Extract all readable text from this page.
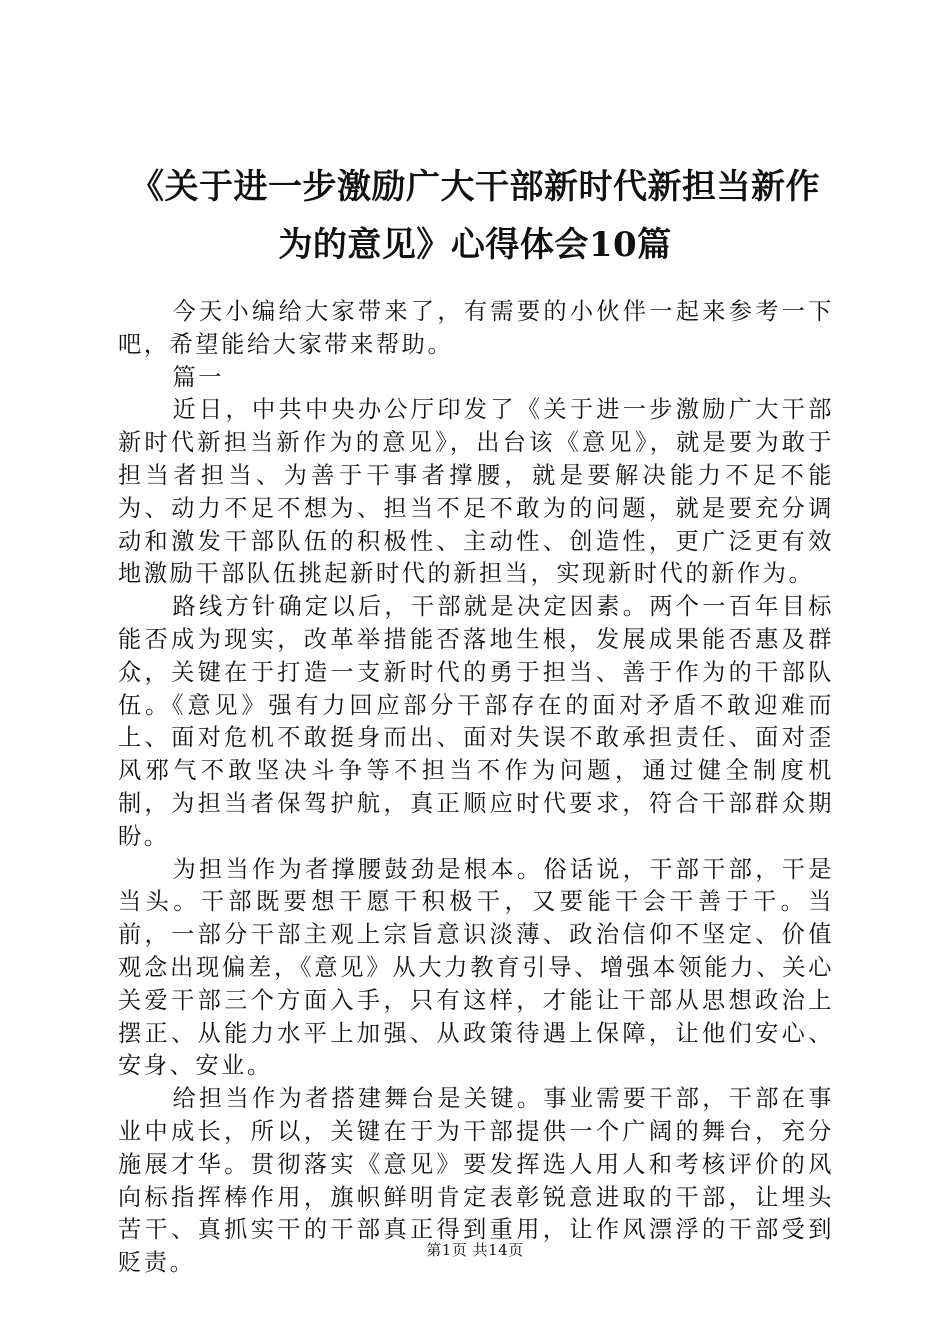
《关于进一步激励广大干部新时代新担当新作
为的意见》心得体会10篇

今天小编给大家带来了，有需要的小伙伴一起来参考一下吧，希望能给大家带来帮助。

篇一

近日，中共中央办公厅印发了《关于进一步激励广大干部新时代新担当新作为的意见》，出台该《意见》，就是要为敢于担当者担当、为善于干事者撑腰，就是要解决能力不足不能为、动力不足不想为、担当不足不敢为的问题，就是要充分调动和激发干部队伍的积极性、主动性、创造性，更广泛更有效地激励干部队伍挑起新时代的新担当，实现新时代的新作为。

路线方针确定以后，干部就是决定因素。两个一百年目标能否成为现实，改革举措能否落地生根，发展成果能否惠及群众，关键在于打造一支新时代的勇于担当、善于作为的干部队伍。《意见》强有力回应部分干部存在的面对矛盾不敢迎难而上、面对危机不敢挺身而出、面对失误不敢承担责任、面对歪风邪气不敢坚决斗争等不担当不作为问题，通过健全制度机制，为担当者保驾护航，真正顺应时代要求，符合干部群众期盼。

为担当作为者撑腰鼓劲是根本。俗话说，干部干部，干是当头。干部既要想干愿干积极干，又要能干会干善于干。当前，一部分干部主观上宗旨意识淡薄、政治信仰不坚定、价值观念出现偏差，《意见》从大力教育引导、增强本领能力、关心关爱干部三个方面入手，只有这样，才能让干部从思想政治上摆正、从能力水平上加强、从政策待遇上保障，让他们安心、安身、安业。

给担当作为者搭建舞台是关键。事业需要干部，干部在事业中成长，所以，关键在于为干部提供一个广阔的舞台，充分施展才华。贯彻落实《意见》要发挥选人用人和考核评价的风向标指挥棒作用，旗帜鲜明肯定表彰锐意进取的干部，让埋头苦干、真抓实干的干部真正得到重用，让作风漂浮的干部受到贬责。	第1页 共14页
